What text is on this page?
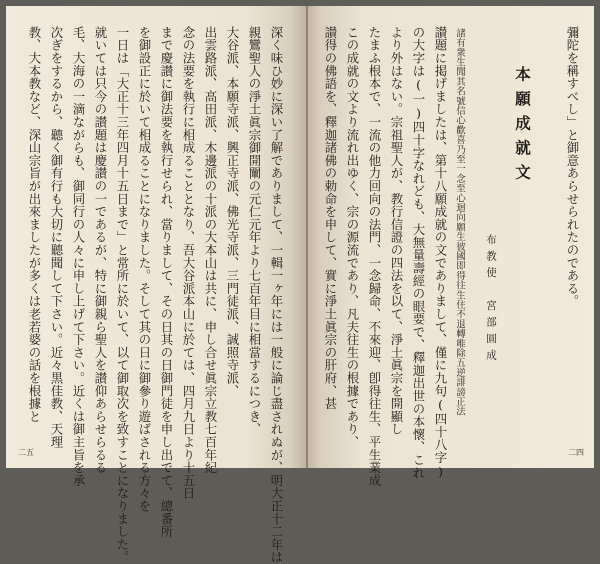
深く味ひ妙に深い了解でありまして、一輯一ヶ年には一般に論じ盡されぬが、明大正十二年は
親鸞聖人の淨土眞宗御開闡の元仁元年より七百年目に相當するにつき、
大谷派、本願寺派、興正寺派、佛光寺派、三門徒派、誠照寺派、
出雲路派、高田派、木邊派の十派の大本山は共に、申し合せ眞宗立教七百年紀
念の法要を執行に相成ることとなり、吾大谷派本山に於ては、四月九日より十五日
まで慶讃に御法要を執行せられ、當りまして、その日其の日御門徒を申し出でて、總番所
を御設正に於いて相成ることになりました。そして其の日に御參り遊ばされる方々を
一日は「大正十三年四月十五日まで」と常所に於いて、以て御取次を致すことになりました。
就いては只今の讃題は慶讃の一であるが、特に御親ら聖人を讃仰あらせらるる
毛、大海の一滴ながらも、御同行の人々に申し上げて下さい。近くは御主旨を承
次ぎをするから、聽く御有行も大切に聽聞して下さい。近々黒佳教、天理
教、大本教など、深山宗旨が出來ましたが多くは老若婆の話を根據と
二五
彌陀を稱すべし」と御意あらせられたのである。
本願成就文
布教使　宮部圓成
諸有衆生聞其名號信心歡喜乃至一念至心迴向願生彼國即得往生住不退轉唯除五逆誹謗正法
讃題に掲げましたは、第十八願成就の文でありまして、僅に九句(四十八字)
の大字は(一)四十字なれども、大無量壽經の眼要で、釋迦出世の本懷、これ
より外はない。宗祖聖人が、教行信證の四法を以て、淨土眞宗を開顯し
たまふ根本で、一流の他力回向の法門、一念歸命、不來迎、卽得往生、平生業成
この成就の文より流れ出ゆく、宗の源流であり、凡夫往生の根據であり、
讃得の佛語を、釋迦諸佛の勅命を申して、實に淨土眞宗の肝府、甚
二四
